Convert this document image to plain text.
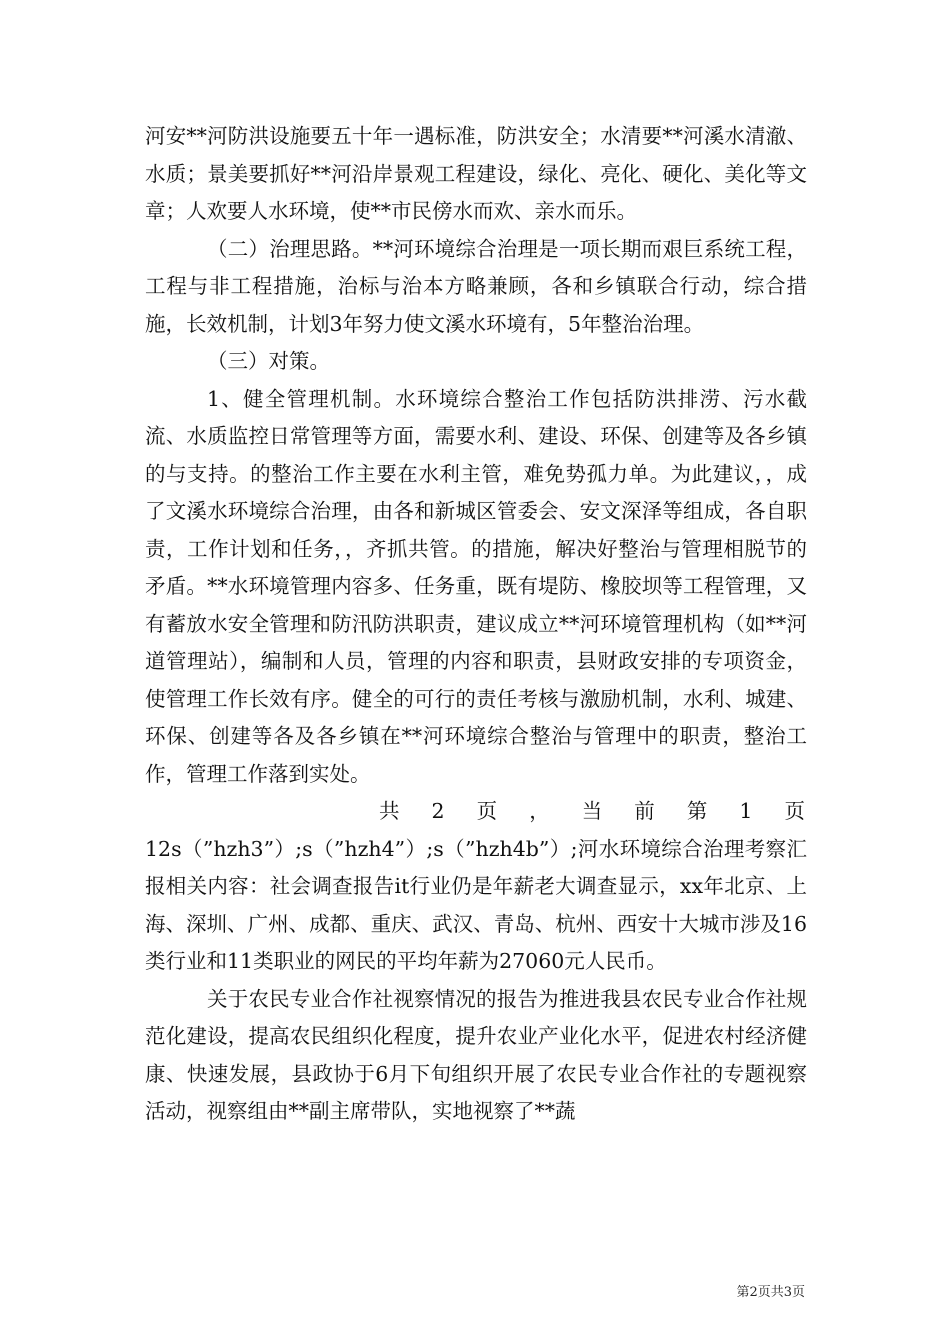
河安**河防洪设施要五十年一遇标准，防洪安全；水清要**河溪水清澈、水质；景美要抓好**河沿岸景观工程建设，绿化、亮化、硬化、美化等文章；人欢要人水环境，使**市民傍水而欢、亲水而乐。

（二）治理思路。**河环境综合治理是一项长期而艰巨系统工程，工程与非工程措施，治标与治本方略兼顾，各和乡镇联合行动，综合措施，长效机制，计划3年努力使文溪水环境有，5年整治治理。

（三）对策。

1、健全管理机制。水环境综合整治工作包括防洪排涝、污水截流、水质监控日常管理等方面，需要水利、建设、环保、创建等及各乡镇的与支持。的整治工作主要在水利主管，难免势孤力单。为此建议，，成了文溪水环境综合治理，由各和新城区管委会、安文深泽等组成，各自职责，工作计划和任务，，齐抓共管。的措施，解决好整治与管理相脱节的矛盾。**水环境管理内容多、任务重，既有堤防、橡胶坝等工程管理，又有蓄放水安全管理和防汛防洪职责，建议成立**河环境管理机构（如**河道管理站），编制和人员，管理的内容和职责，县财政安排的专项资金，使管理工作长效有序。健全的可行的责任考核与激励机制，水利、城建、环保、创建等各及各乡镇在**河环境综合整治与管理中的职责，整治工作，管理工作落到实处。

共 2 页 ， 当 前 第 1 页

12s（”hzh3”）;s（”hzh4”）;s（”hzh4b”）;河水环境综合治理考察汇报相关内容：社会调查报告it行业仍是年薪老大调查显示，xx年北京、上海、深圳、广州、成都、重庆、武汉、青岛、杭州、西安十大城市涉及16类行业和11类职业的网民的平均年薪为27060元人民币。

关于农民专业合作社视察情况的报告为推进我县农民专业合作社规范化建设，提高农民组织化程度，提升农业产业化水平，促进农村经济健康、快速发展，县政协于6月下旬组织开展了农民专业合作社的专题视察活动，视察组由**副主席带队，实地视察了**蔬

第2页共3页
